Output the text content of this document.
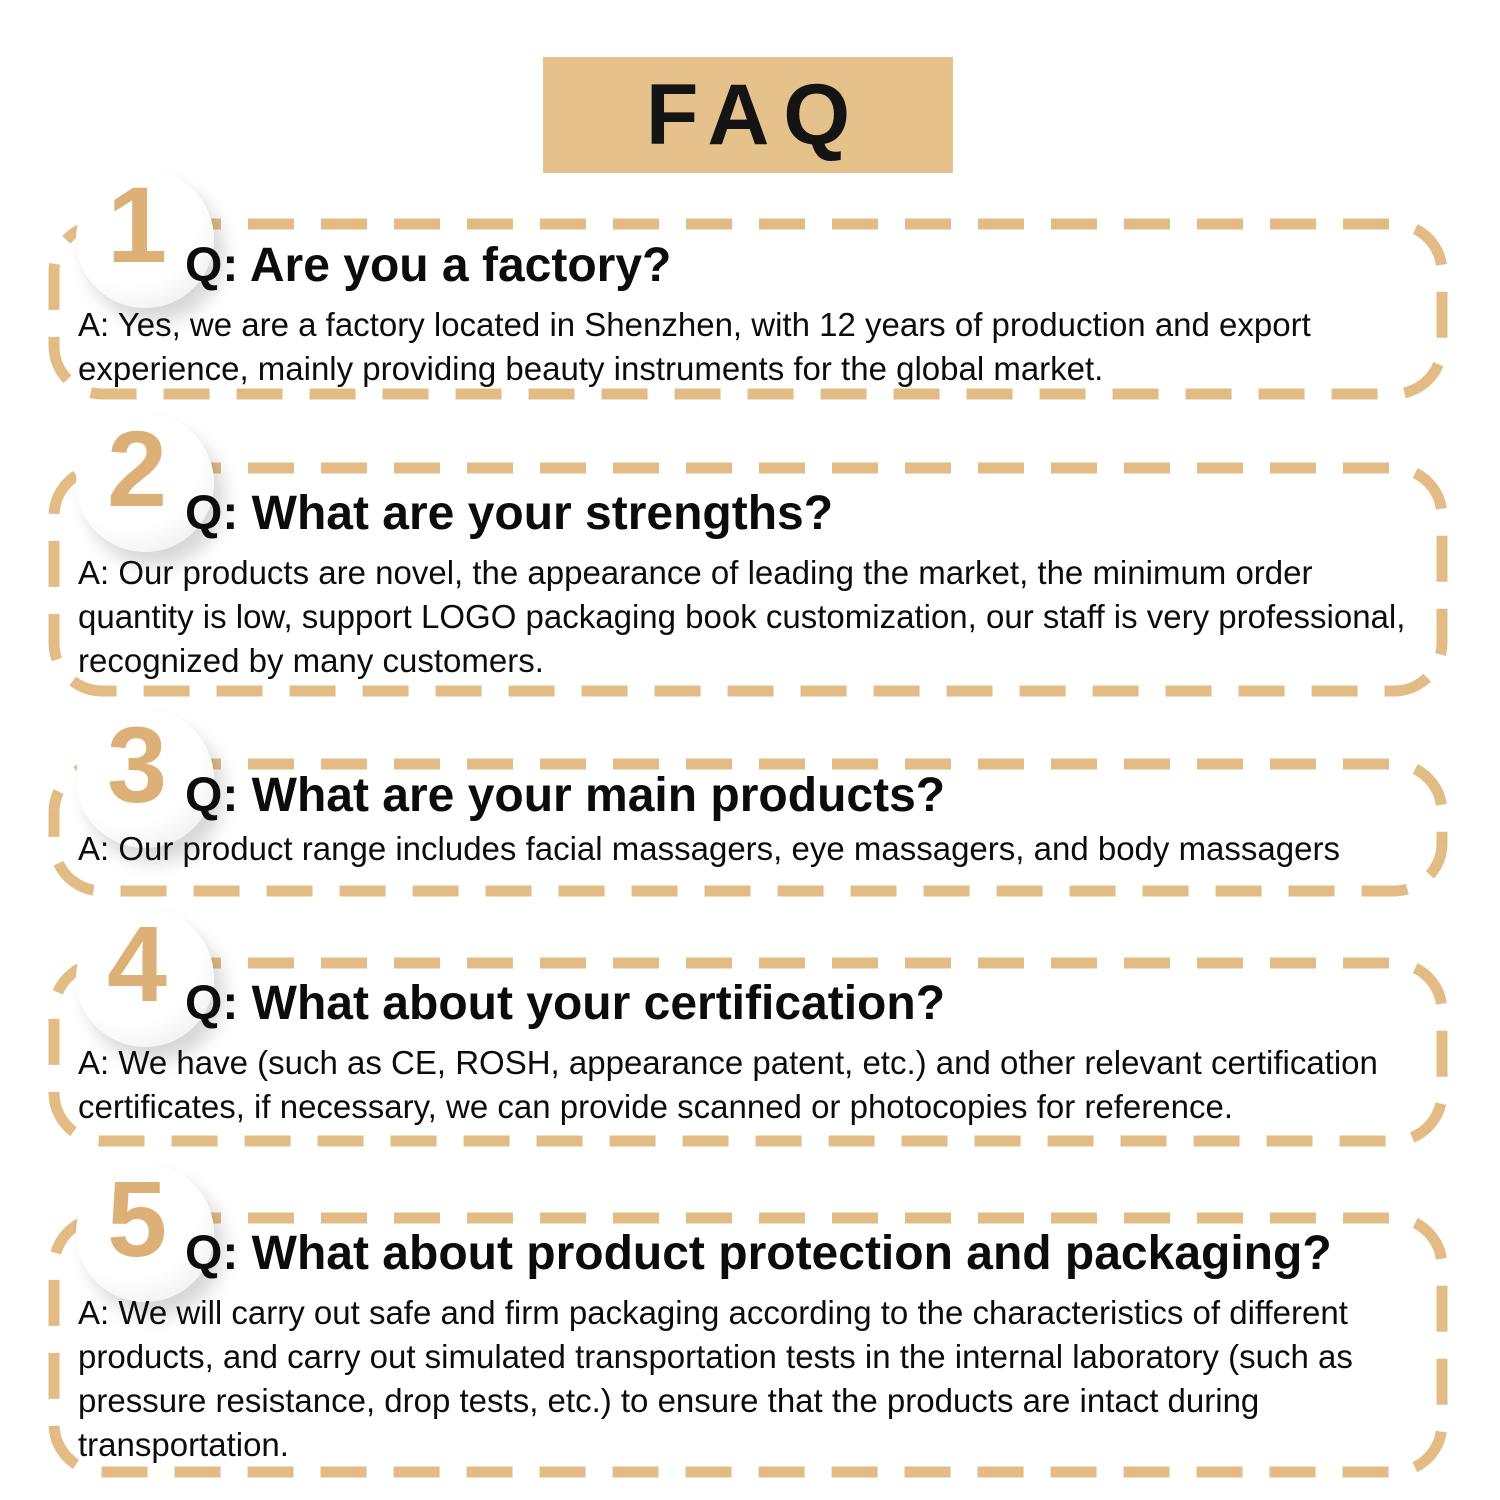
FAQ
1 Q: Are you a factory?
A: Yes, we are a factory located in Shenzhen, with 12 years of production and export experience, mainly providing beauty instruments for the global market.
2 Q: What are your strengths?
A: Our products are novel, the appearance of leading the market, the minimum order quantity is low, support LOGO packaging book customization, our staff is very professional, recognized by many customers.
3 Q: What are your main products?
A: Our product range includes facial massagers, eye massagers, and body massagers
4 Q: What about your certification?
A: We have (such as CE, ROSH, appearance patent, etc.) and other relevant certification certificates, if necessary, we can provide scanned or photocopies for reference.
5 Q: What about product protection and packaging?
A: We will carry out safe and firm packaging according to the characteristics of different products, and carry out simulated transportation tests in the internal laboratory (such as pressure resistance, drop tests, etc.) to ensure that the products are intact during transportation.
